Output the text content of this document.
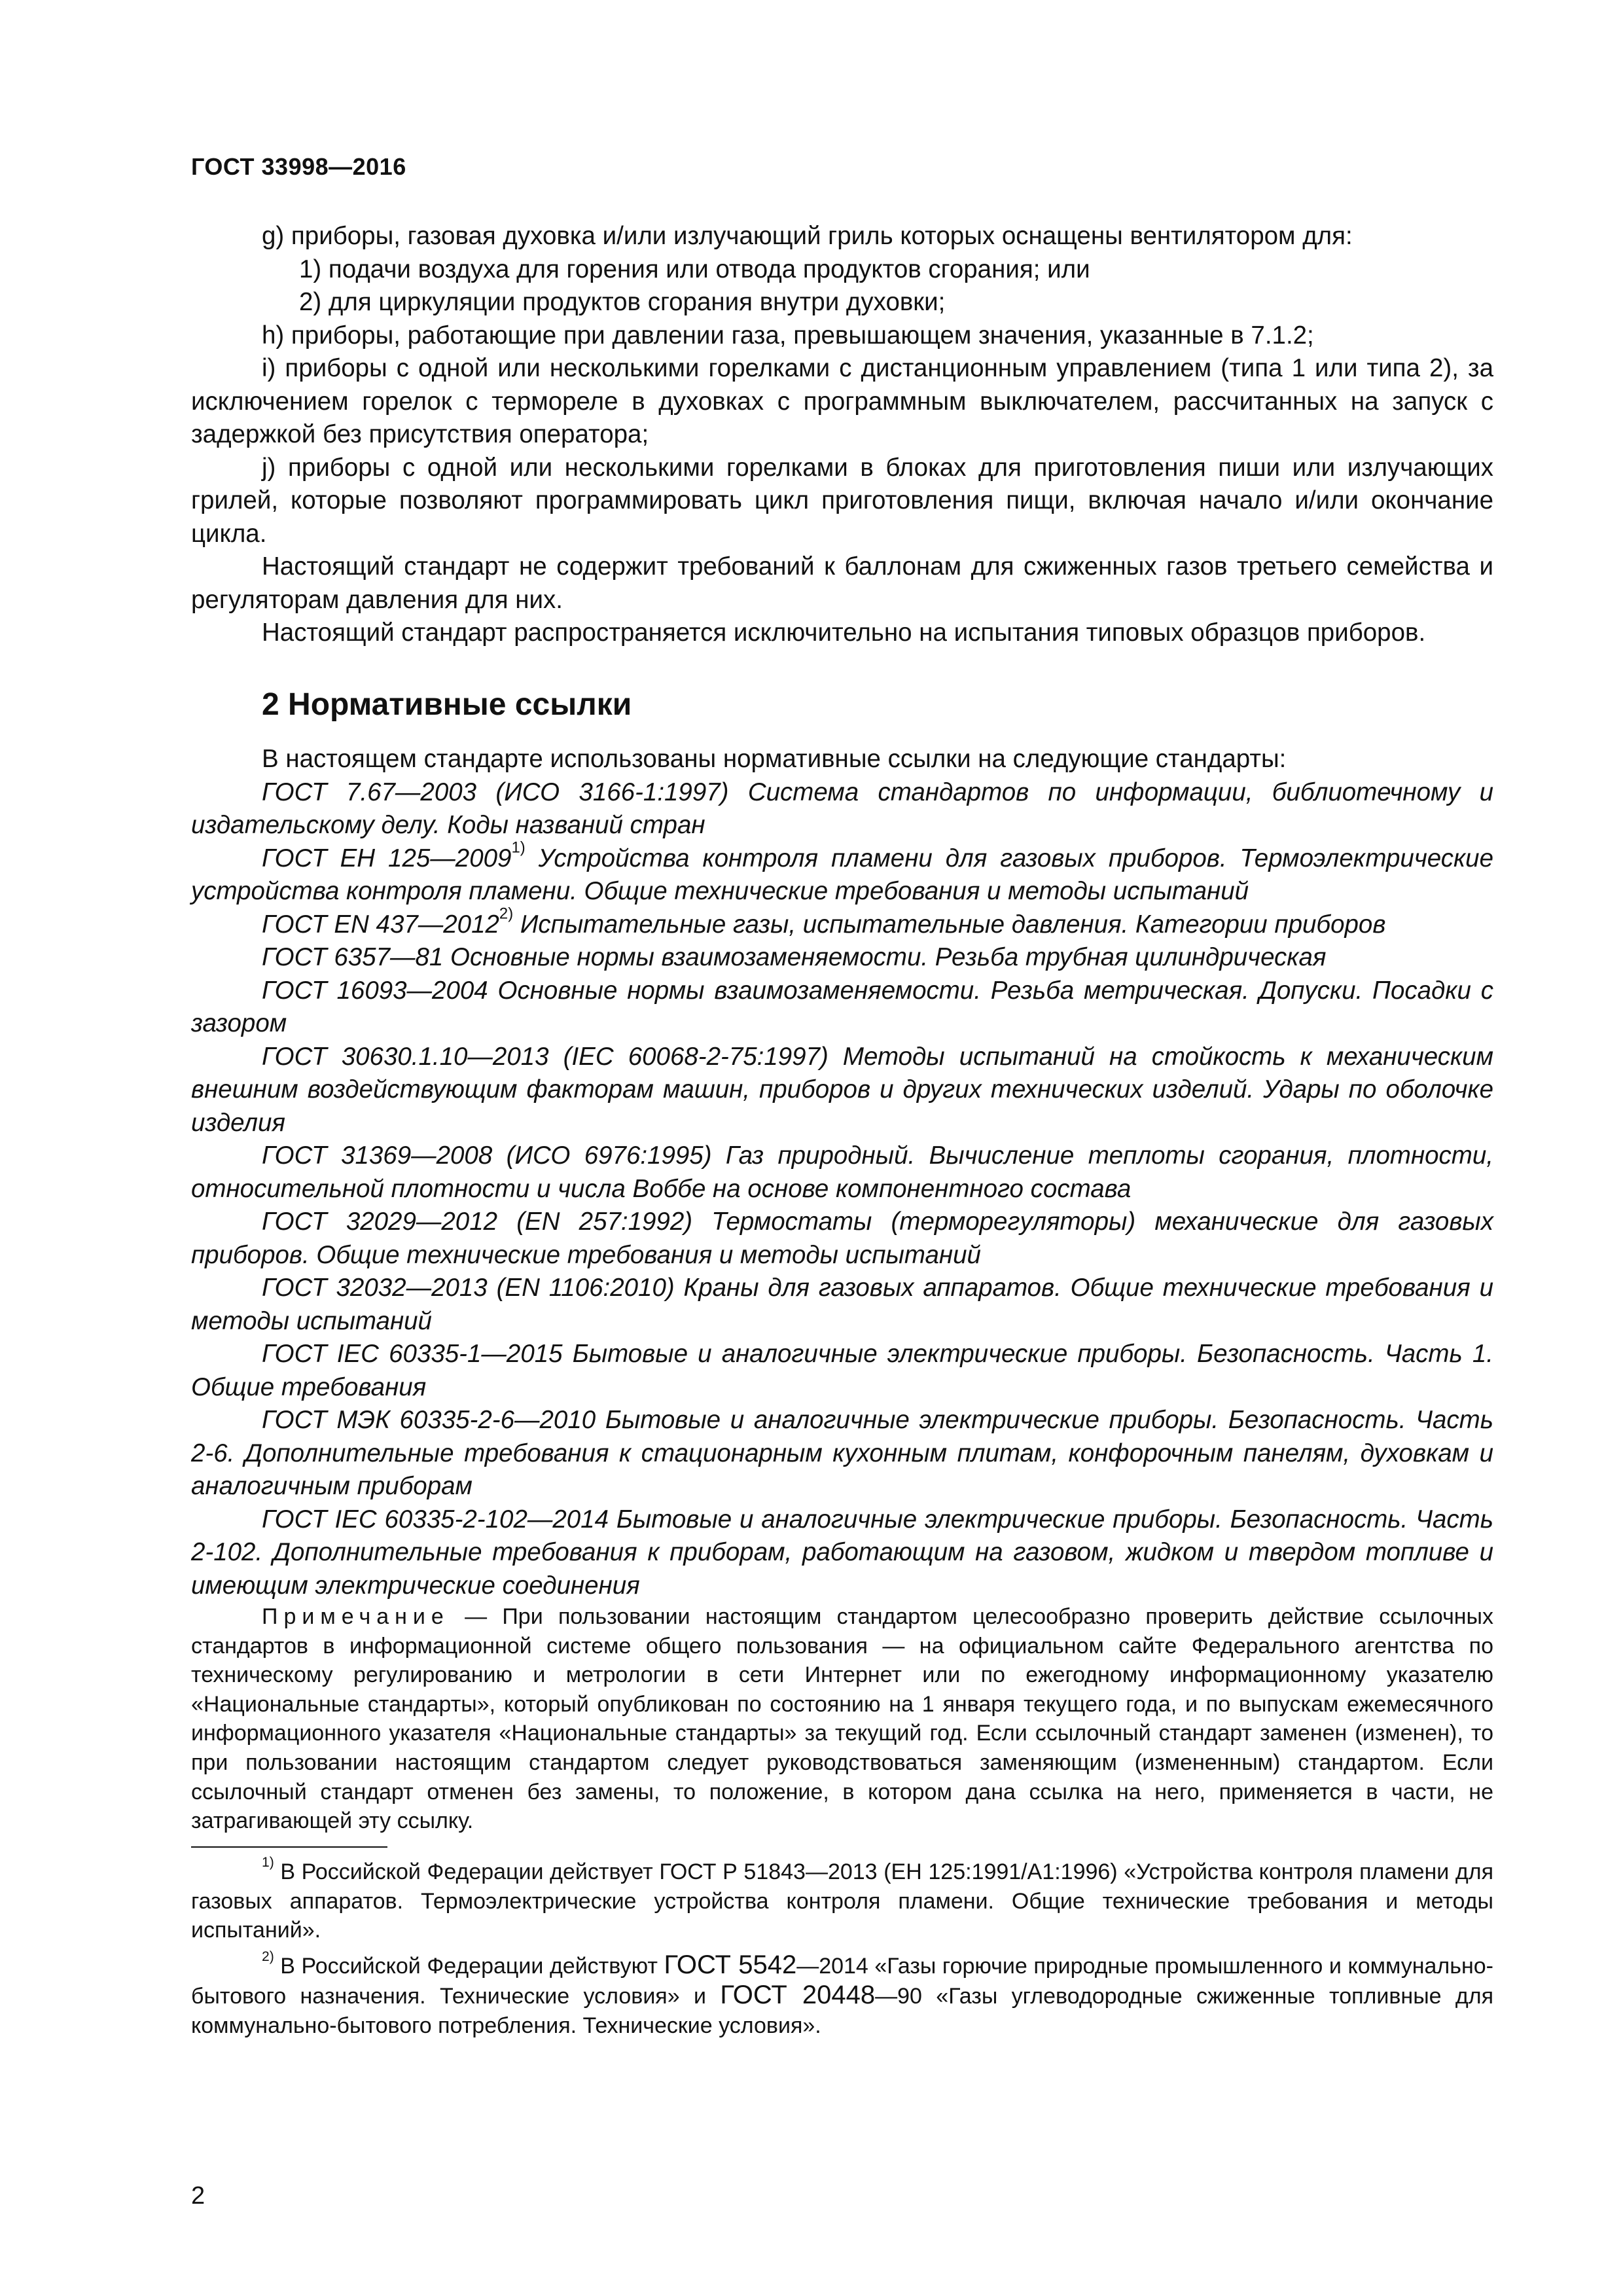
ГОСТ 33998—2016

g) приборы, газовая духовка и/или излучающий гриль которых оснащены вентилятором для:

1) подачи воздуха для горения или отвода продуктов сгорания; или

2) для циркуляции продуктов сгорания внутри духовки;

h) приборы, работающие при давлении газа, превышающем значения, указанные в 7.1.2;

i) приборы с одной или несколькими горелками с дистанционным управлением (типа 1 или типа 2), за исключением горелок с термореле в духовках с программным выключателем, рассчитанных на запуск с задержкой без присутствия оператора;

j) приборы с одной или несколькими горелками в блоках для приготовления пиши или излучающих грилей, которые позволяют программировать цикл приготовления пищи, включая начало и/или окончание цикла.

Настоящий стандарт не содержит требований к баллонам для сжиженных газов третьего семейства и регуляторам давления для них.

Настоящий стандарт распространяется исключительно на испытания типовых образцов приборов.

2 Нормативные ссылки

В настоящем стандарте использованы нормативные ссылки на следующие стандарты:

ГОСТ 7.67—2003 (ИСО 3166-1:1997) Система стандартов по информации, библиотечному и издательскому делу. Коды названий стран

ГОСТ ЕН 125—2009$^{1)}$ Устройства контроля пламени для газовых приборов. Термоэлектрические устройства контроля пламени. Общие технические требования и методы испытаний

ГОСТ EN 437—2012$^{2)}$ Испытательные газы, испытательные давления. Категории приборов

ГОСТ 6357—81 Основные нормы взаимозаменяемости. Резьба трубная цилиндрическая

ГОСТ 16093—2004 Основные нормы взаимозаменяемости. Резьба метрическая. Допуски. Посадки с зазором

ГОСТ 30630.1.10—2013 (IEC 60068-2-75:1997) Методы испытаний на стойкость к механическим внешним воздействующим факторам машин, приборов и других технических изделий. Удары по оболочке изделия

ГОСТ 31369—2008 (ИСО 6976:1995) Газ природный. Вычисление теплоты сгорания, плотности, относительной плотности и числа Воббе на основе компонентного состава

ГОСТ 32029—2012 (EN 257:1992) Термостаты (терморегуляторы) механические для газовых приборов. Общие технические требования и методы испытаний

ГОСТ 32032—2013 (EN 1106:2010) Краны для газовых аппаратов. Общие технические требования и методы испытаний

ГОСТ IEC 60335-1—2015 Бытовые и аналогичные электрические приборы. Безопасность. Часть 1. Общие требования

ГОСТ МЭК 60335-2-6—2010 Бытовые и аналогичные электрические приборы. Безопасность. Часть 2-6. Дополнительные требования к стационарным кухонным плитам, конфорочным панелям, духовкам и аналогичным приборам

ГОСТ IEC 60335-2-102—2014 Бытовые и аналогичные электрические приборы. Безопасность. Часть 2-102. Дополнительные требования к приборам, работающим на газовом, жидком и твердом топливе и имеющим электрические соединения

Примечание — При пользовании настоящим стандартом целесообразно проверить действие ссылочных стандартов в информационной системе общего пользования — на официальном сайте Федерального агентства по техническому регулированию и метрологии в сети Интернет или по ежегодному информационному указателю «Национальные стандарты», который опубликован по состоянию на 1 января текущего года, и по выпускам ежемесячного информационного указателя «Национальные стандарты» за текущий год. Если ссылочный стандарт заменен (изменен), то при пользовании настоящим стандартом следует руководствоваться заменяющим (измененным) стандартом. Если ссылочный стандарт отменен без замены, то положение, в котором дана ссылка на него, применяется в части, не затрагивающей эту ссылку.

$^{1)}$ В Российской Федерации действует ГОСТ Р 51843—2013 (ЕН 125:1991/А1:1996) «Устройства контроля пламени для газовых аппаратов. Термоэлектрические устройства контроля пламени. Общие технические требования и методы испытаний».

$^{2)}$ В Российской Федерации действуют ГОСТ 5542—2014 «Газы горючие природные промышленного и коммунально-бытового назначения. Технические условия» и ГОСТ 20448—90 «Газы углеводородные сжиженные топливные для коммунально-бытового потребления. Технические условия».

2
